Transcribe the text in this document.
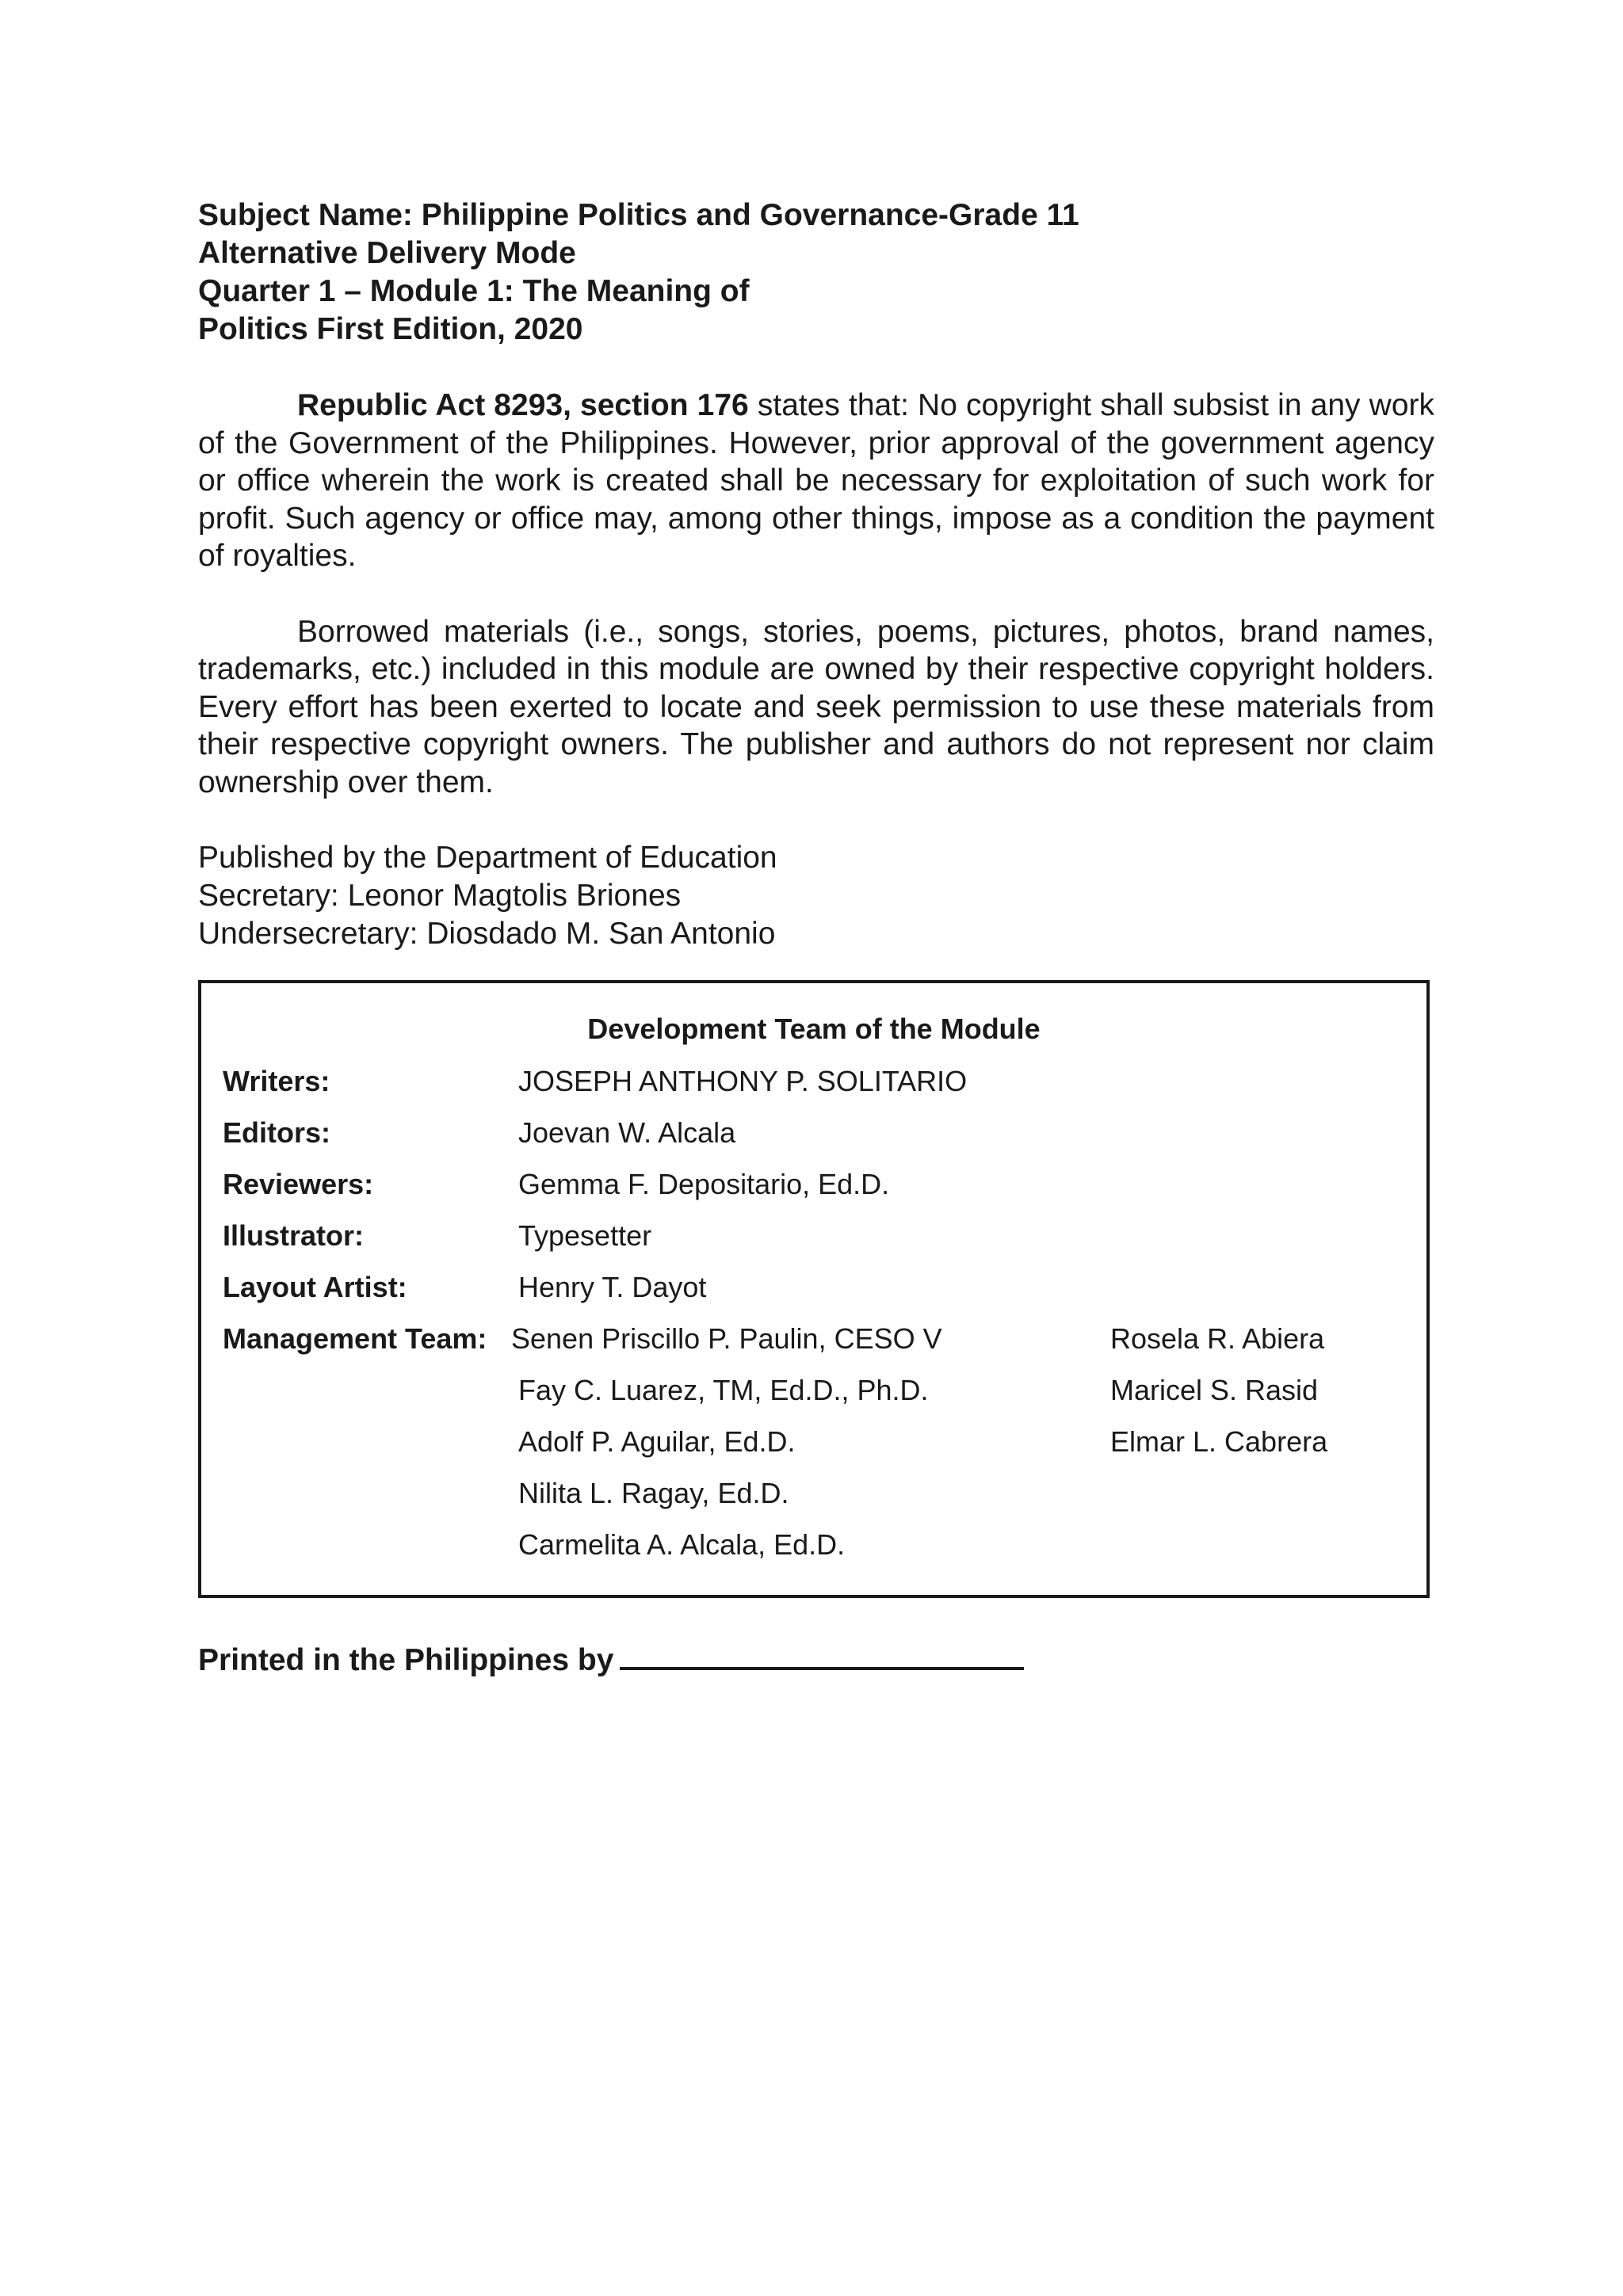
Subject Name: Philippine Politics and Governance-Grade 11
Alternative Delivery Mode
Quarter 1 – Module 1: The Meaning of
Politics First Edition, 2020

Republic Act 8293, section 176 states that: No copyright shall subsist in any work of the Government of the Philippines. However, prior approval of the government agency or office wherein the work is created shall be necessary for exploitation of such work for profit. Such agency or office may, among other things, impose as a condition the payment of royalties.

Borrowed materials (i.e., songs, stories, poems, pictures, photos, brand names, trademarks, etc.) included in this module are owned by their respective copyright holders. Every effort has been exerted to locate and seek permission to use these materials from their respective copyright owners. The publisher and authors do not represent nor claim ownership over them.

Published by the Department of Education
Secretary: Leonor Magtolis Briones
Undersecretary: Diosdado M. San Antonio
Development Team of the Module
Writers:	JOSEPH ANTHONY P. SOLITARIO
Editors:	Joevan W. Alcala
Reviewers:	Gemma F. Depositario, Ed.D.
Illustrator:	Typesetter
Layout Artist:	Henry T. Dayot
Management Team: Senen Priscillo P. Paulin, CESO V	Rosela R. Abiera
Fay C. Luarez, TM, Ed.D., Ph.D.	Maricel S. Rasid
Adolf P. Aguilar, Ed.D.	Elmar L. Cabrera
Nilita L. Ragay, Ed.D.
Carmelita A. Alcala, Ed.D.
Printed in the Philippines by
